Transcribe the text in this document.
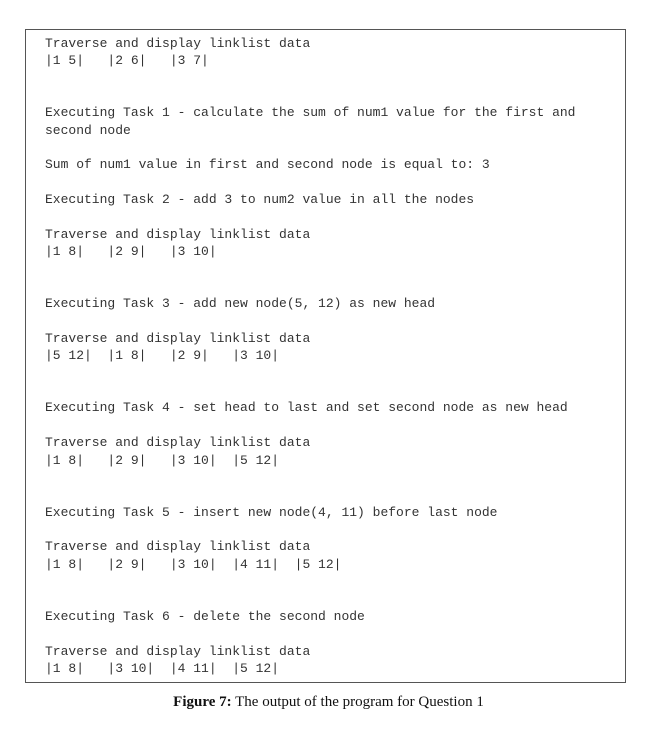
Traverse and display linklist data
|1 5|   |2 6|   |3 7|
Executing Task 1 - calculate the sum of num1 value for the first and
second node
Sum of num1 value in first and second node is equal to: 3
Executing Task 2 - add 3 to num2 value in all the nodes
Traverse and display linklist data
|1 8|   |2 9|   |3 10|
Executing Task 3 - add new node(5, 12) as new head
Traverse and display linklist data
|5 12|  |1 8|   |2 9|   |3 10|
Executing Task 4 - set head to last and set second node as new head
Traverse and display linklist data
|1 8|   |2 9|   |3 10|  |5 12|
Executing Task 5 - insert new node(4, 11) before last node
Traverse and display linklist data
|1 8|   |2 9|   |3 10|  |4 11|  |5 12|
Executing Task 6 - delete the second node
Traverse and display linklist data
|1 8|   |3 10|  |4 11|  |5 12|
Figure 7: The output of the program for Question 1
